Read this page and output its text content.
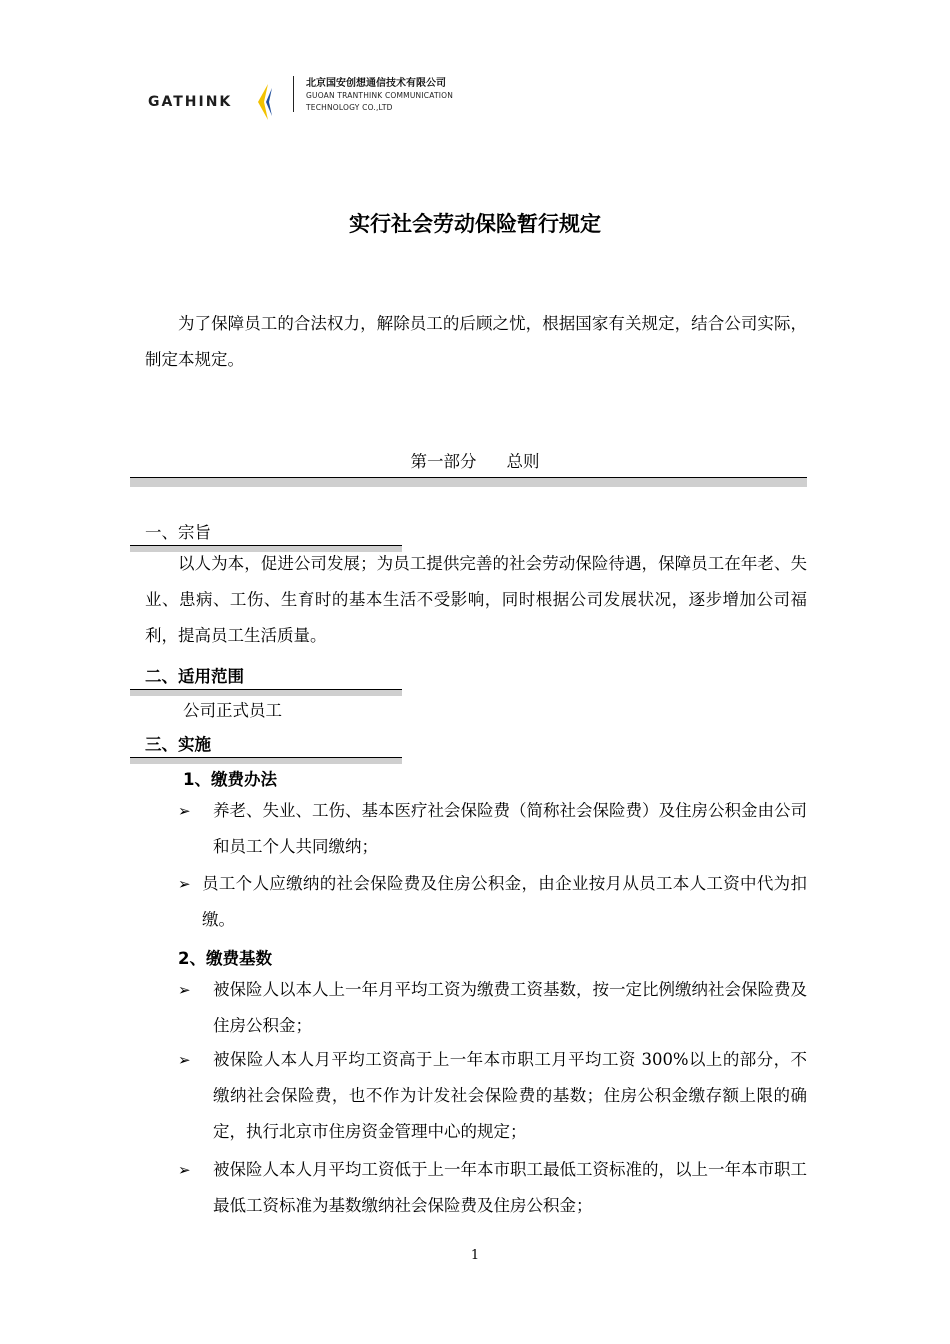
GATHINK
北京国安创想通信技术有限公司
GUOAN TRANTHINK COMMUNICATION
TECHNOLOGY CO.,LTD
实行社会劳动保险暂行规定

为了保障员工的合法权力，解除员工的后顾之忧，根据国家有关规定，结合公司实际，制定本规定。

第一部分 总则
一、宗旨

以人为本，促进公司发展；为员工提供完善的社会劳动保险待遇，保障员工在年老、失业、患病、工伤、生育时的基本生活不受影响，同时根据公司发展状况，逐步增加公司福利，提高员工生活质量。

二、适用范围
公司正式员工
三、实施
1、缴费办法
➢	养老、失业、工伤、基本医疗社会保险费（简称社会保险费）及住房公积金由公司和员工个人共同缴纳；

➢ 员工个人应缴纳的社会保险费及住房公积金，由企业按月从员工本人工资中代为扣缴。

2、缴费基数
➢	被保险人以本人上一年月平均工资为缴费工资基数，按一定比例缴纳社会保险费及住房公积金；

➢	被保险人本人月平均工资高于上一年本市职工月平均工资 300%以上的部分，不缴纳社会保险费，也不作为计发社会保险费的基数；住房公积金缴存额上限的确定，执行北京市住房资金管理中心的规定；

➢	被保险人本人月平均工资低于上一年本市职工最低工资标准的，以上一年本市职工最低工资标准为基数缴纳社会保险费及住房公积金；

1
